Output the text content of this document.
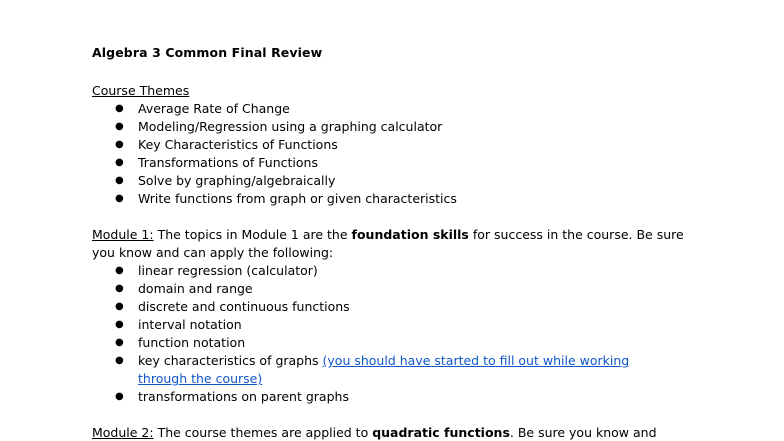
Algebra 3 Common Final Review
Course Themes
● Average Rate of Change
● Modeling/Regression using a graphing calculator
● Key Characteristics of Functions
● Transformations of Functions
● Solve by graphing/algebraically
● Write functions from graph or given characteristics
Module 1: The topics in Module 1 are the foundation skills for success in the course. Be sure you know and can apply the following:
● linear regression (calculator)
● domain and range
● discrete and continuous functions
● interval notation
● function notation
● key characteristics of graphs (you should have started to fill out while working through the course)
● transformations on parent graphs
Module 2: The course themes are applied to quadratic functions. Be sure you know and
